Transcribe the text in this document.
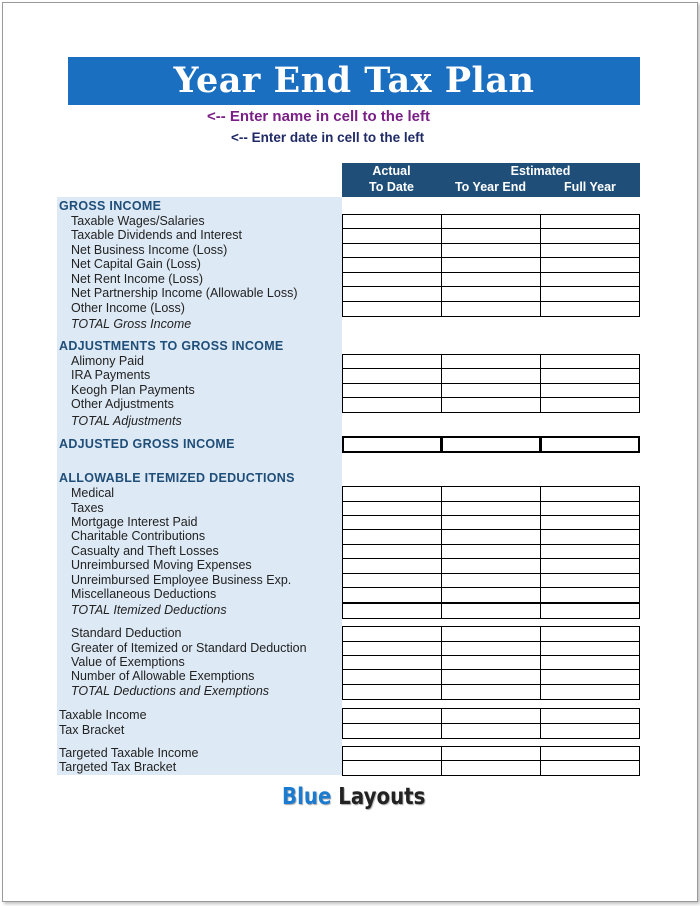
Year End Tax Plan
<-- Enter name in cell to the left
<-- Enter date in cell to the left
Actual
To Date
Estimated
To Year End	Full Year
GROSS INCOME
ADJUSTMENTS TO GROSS INCOME
ADJUSTED GROSS INCOME
ALLOWABLE ITEMIZED DEDUCTIONS
Taxable Wages/Salaries
Taxable Dividends and Interest
Net Business Income (Loss)
Net Capital Gain (Loss)
Net Rent Income (Loss)
Net Partnership Income (Allowable Loss)
Other Income (Loss)
TOTAL Gross Income
Alimony Paid
IRA Payments
Keogh Plan Payments
Other Adjustments
TOTAL Adjustments
Medical
Taxes
Mortgage Interest Paid
Charitable Contributions
Casualty and Theft Losses
Unreimbursed Moving Expenses
Unreimbursed Employee Business Exp.
Miscellaneous Deductions
TOTAL Itemized Deductions
Standard Deduction
Greater of Itemized or Standard Deduction
Value of Exemptions
Number of Allowable Exemptions
TOTAL Deductions and Exemptions
Taxable Income
Tax Bracket
Targeted Taxable Income
Targeted Tax Bracket
Blue Layouts
